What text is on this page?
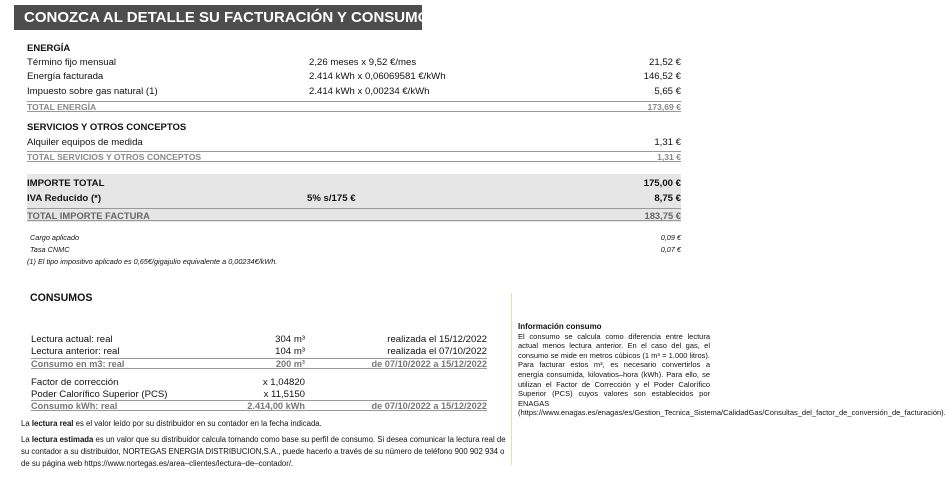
CONOZCA AL DETALLE SU FACTURACIÓN Y CONSUMOS
ENERGÍA
Término fijo mensual	2,26 meses x 9,52 €/mes	21,52 €
Energía facturada	2.414 kWh x 0,06069581 €/kWh	146,52 €
Impuesto sobre gas natural (1)	2.414 kWh x 0,00234 €/kWh	5,65 €
TOTAL ENERGÍA	173,69 €
SERVICIOS Y OTROS CONCEPTOS
Alquiler equipos de medida	1,31 €
TOTAL SERVICIOS Y OTROS CONCEPTOS	1,31 €
IMPORTE TOTAL	175,00 €
IVA Reducido (*)	5% s/175 €	8,75 €
TOTAL IMPORTE FACTURA	183,75 €
Cargo aplicado	0,09 €
Tasa CNMC	0,07 €
(1) El tipo impositivo aplicado es 0,65€/gigajulio equivalente a 0,00234€/kWh.
CONSUMOS
Lectura actual: real	304 m³	realizada el 15/12/2022
Lectura anterior: real	104 m³	realizada el 07/10/2022
Consumo en m3: real	200 m³	de 07/10/2022 a 15/12/2022
Factor de corrección	x 1,04820
Poder Calorífico Superior (PCS)	x 11,5150
Consumo kWh: real	2.414,00 kWh	de 07/10/2022 a 15/12/2022
La lectura real es el valor leído por su distribuidor en su contador en la fecha indicada.
La lectura estimada es un valor que su distribuidor calcula tomando como base su perfil de consumo. Si desea comunicar la lectura real de su contador a su distribuidor, NORTEGAS ENERGIA DISTRIBUCION,S.A., puede hacerlo a través de su número de teléfono 900 902 934 o de su página web https://www.nortegas.es/area–clientes/lectura–de–contador/.
Información consumo
El consumo se calcula como diferencia entre lectura actual menos lectura anterior. En el caso del gas, el consumo se mide en metros cúbicos (1 m³ = 1.000 litros). Para facturar estos m³, es necesario convertirlos a energía consumida, kilovatios–hora (kWh). Para ello, se utilizan el Factor de Corrección y el Poder Calorífico Superior (PCS) cuyos valores son establecidos por ENAGAS (https://www.enagas.es/enagas/es/Gestion_Tecnica_Sistema/CalidadGas/Consultas_del_factor_de_conversión_de_facturación).
